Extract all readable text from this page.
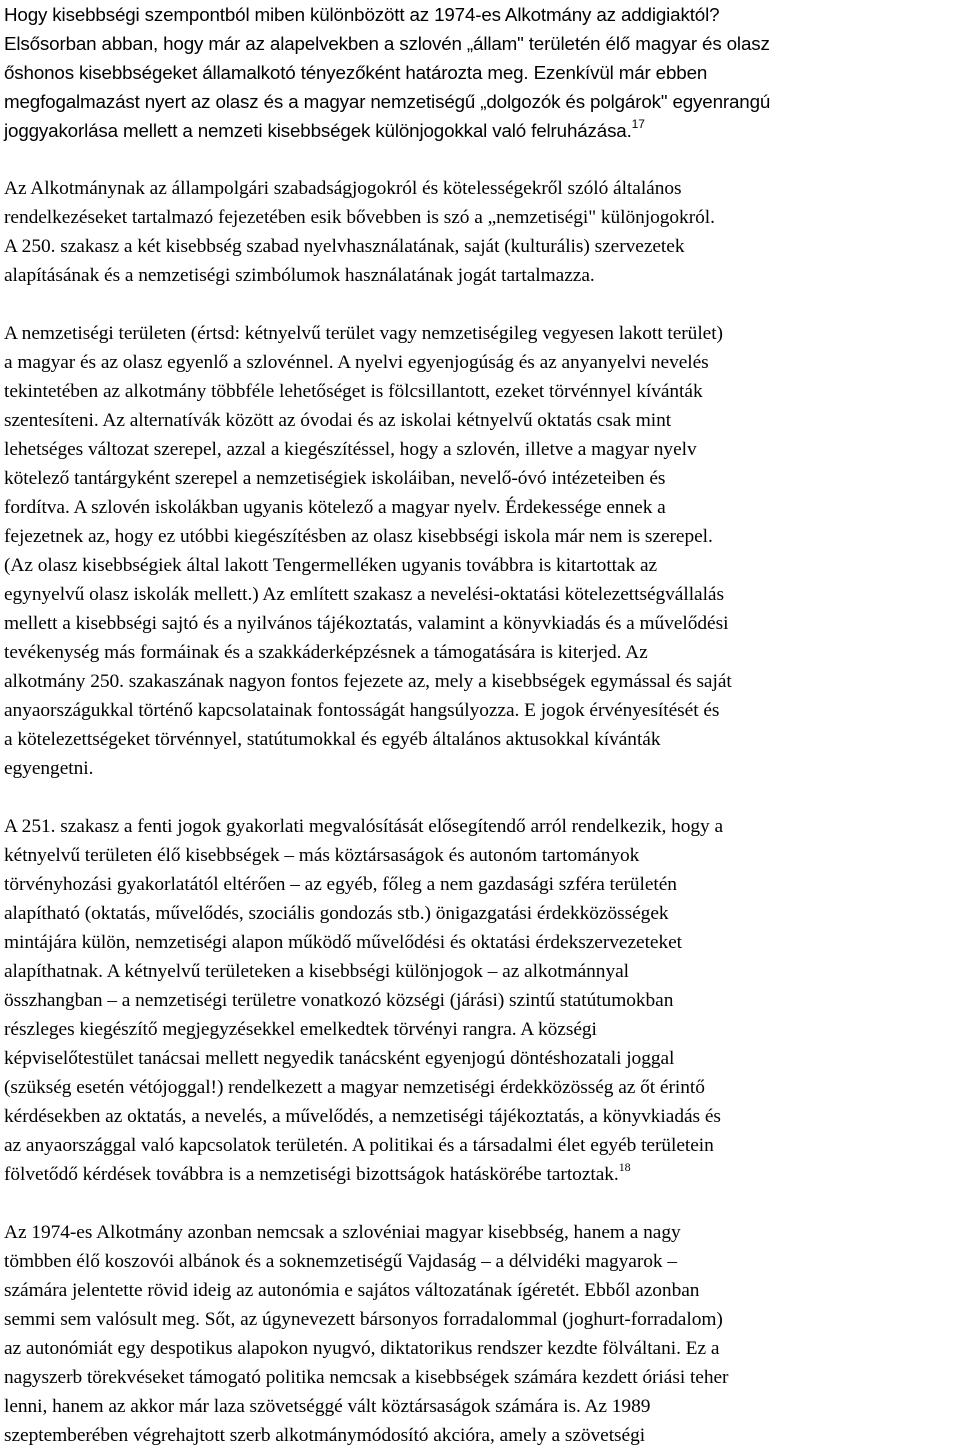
Hogy kisebbségi szempontból miben különbözött az 1974-es Alkotmány az addigiaktól?
Elsősorban abban, hogy már az alapelvekben a szlovén „állam" területén élő magyar és olasz
őshonos kisebbségeket államalkotó tényezőként határozta meg. Ezenkívül már ebben
megfogalmazást nyert az olasz és a magyar nemzetiségű „dolgozók és polgárok" egyenrangú
joggyakorlása mellett a nemzeti kisebbségek különjogokkal való felruházása.$^{17}$
Az Alkotmánynak az állampolgári szabadságjogokról és kötelességekről szóló általános
rendelkezéseket tartalmazó fejezetében esik bővebben is szó a „nemzetiségi" különjogokról.
A 250. szakasz a két kisebbség szabad nyelvhasználatának, saját (kulturális) szervezetek
alapításának és a nemzetiségi szimbólumok használatának jogát tartalmazza.
A nemzetiségi területen (értsd: kétnyelvű terület vagy nemzetiségileg vegyesen lakott terület)
a magyar és az olasz egyenlő a szlovénnel. A nyelvi egyenjogúság és az anyanyelvi nevelés
tekintetében az alkotmány többféle lehetőséget is fölcsillantott, ezeket törvénnyel kívánták
szentesíteni. Az alternatívák között az óvodai és az iskolai kétnyelvű oktatás csak mint
lehetséges változat szerepel, azzal a kiegészítéssel, hogy a szlovén, illetve a magyar nyelv
kötelező tantárgyként szerepel a nemzetiségiek iskoláiban, nevelő-óvó intézeteiben és
fordítva. A szlovén iskolákban ugyanis kötelező a magyar nyelv. Érdekessége ennek a
fejezetnek az, hogy ez utóbbi kiegészítésben az olasz kisebbségi iskola már nem is szerepel.
(Az olasz kisebbségiek által lakott Tengermelléken ugyanis továbbra is kitartottak az
egynyelvű olasz iskolák mellett.) Az említett szakasz a nevelési-oktatási kötelezettségvállalás
mellett a kisebbségi sajtó és a nyilvános tájékoztatás, valamint a könyvkiadás és a művelődési
tevékenység más formáinak és a szakkáderképzésnek a támogatására is kiterjed. Az
alkotmány 250. szakaszának nagyon fontos fejezete az, mely a kisebbségek egymással és saját
anyaországukkal történő kapcsolatainak fontosságát hangsúlyozza. E jogok érvényesítését és
a kötelezettségeket törvénnyel, statútumokkal és egyéb általános aktusokkal kívánták
egyengetni.
A 251. szakasz a fenti jogok gyakorlati megvalósítását elősegítendő arról rendelkezik, hogy a
kétnyelvű területen élő kisebbségek – más köztársaságok és autonóm tartományok
törvényhozási gyakorlatától eltérően – az egyéb, főleg a nem gazdasági szféra területén
alapítható (oktatás, művelődés, szociális gondozás stb.) önigazgatási érdekközösségek
mintájára külön, nemzetiségi alapon működő művelődési és oktatási érdekszervezeteket
alapíthatnak. A kétnyelvű területeken a kisebbségi különjogok – az alkotmánnyal
összhangban – a nemzetiségi területre vonatkozó községi (járási) szintű statútumokban
részleges kiegészítő megjegyzésekkel emelkedtek törvényi rangra. A községi
képviselőtestület tanácsai mellett negyedik tanácsként egyenjogú döntéshozatali joggal
(szükség esetén vétójoggal!) rendelkezett a magyar nemzetiségi érdekközösség az őt érintő
kérdésekben az oktatás, a nevelés, a művelődés, a nemzetiségi tájékoztatás, a könyvkiadás és
az anyaországgal való kapcsolatok területén. A politikai és a társadalmi élet egyéb területein
fölvetődő kérdések továbbra is a nemzetiségi bizottságok hatáskörébe tartoztak.$^{18}$
Az 1974-es Alkotmány azonban nemcsak a szlovéniai magyar kisebbség, hanem a nagy
tömbben élő koszovói albánok és a soknemzetiségű Vajdaság – a délvidéki magyarok –
számára jelentette rövid ideig az autonómia e sajátos változatának ígéretét. Ebből azonban
semmi sem valósult meg. Sőt, az úgynevezett bársonyos forradalommal (joghurt-forradalom)
az autonómiát egy despotikus alapokon nyugvó, diktatorikus rendszer kezdte fölváltani. Ez a
nagyszerb törekvéseket támogató politika nemcsak a kisebbségek számára kezdett óriási teher
lenni, hanem az akkor már laza szövetséggé vált köztársaságok számára is. Az 1989
szeptemberében végrehajtott szerb alkotmánymódosító akcióra, amely a szövetségi
